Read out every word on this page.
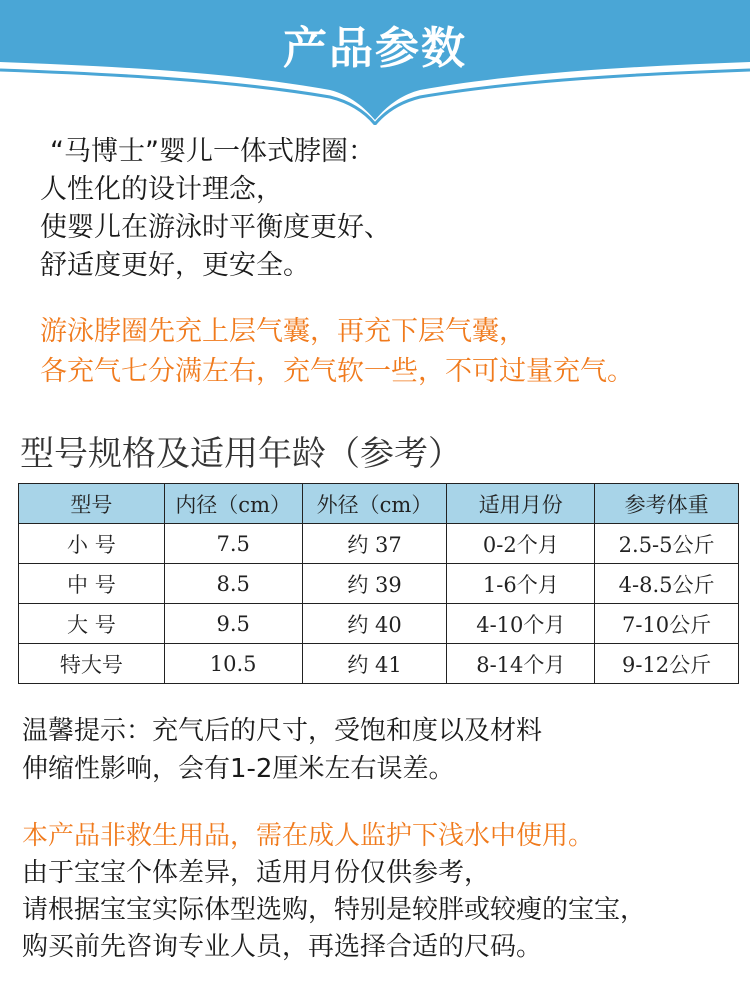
产品参数
“马博士”婴儿一体式脖圈：
人性化的设计理念，
使婴儿在游泳时平衡度更好、
舒适度更好，更安全。
游泳脖圈先充上层气囊，再充下层气囊，
各充气七分满左右，充气软一些，不可过量充气。
型号规格及适用年龄（参考）
型号	内径（cm）	外径（cm）	适用月份	参考体重
小 号	7.5	约 37	0-2个月	2.5-5公斤
中 号	8.5	约 39	1-6个月	4-8.5公斤
大 号	9.5	约 40	4-10个月	7-10公斤
特大号	10.5	约 41	8-14个月	9-12公斤
温馨提示：充气后的尺寸，受饱和度以及材料
伸缩性影响，会有1-2厘米左右误差。
本产品非救生用品，需在成人监护下浅水中使用。
由于宝宝个体差异，适用月份仅供参考，
请根据宝宝实际体型选购，特别是较胖或较瘦的宝宝，
购买前先咨询专业人员，再选择合适的尺码。
